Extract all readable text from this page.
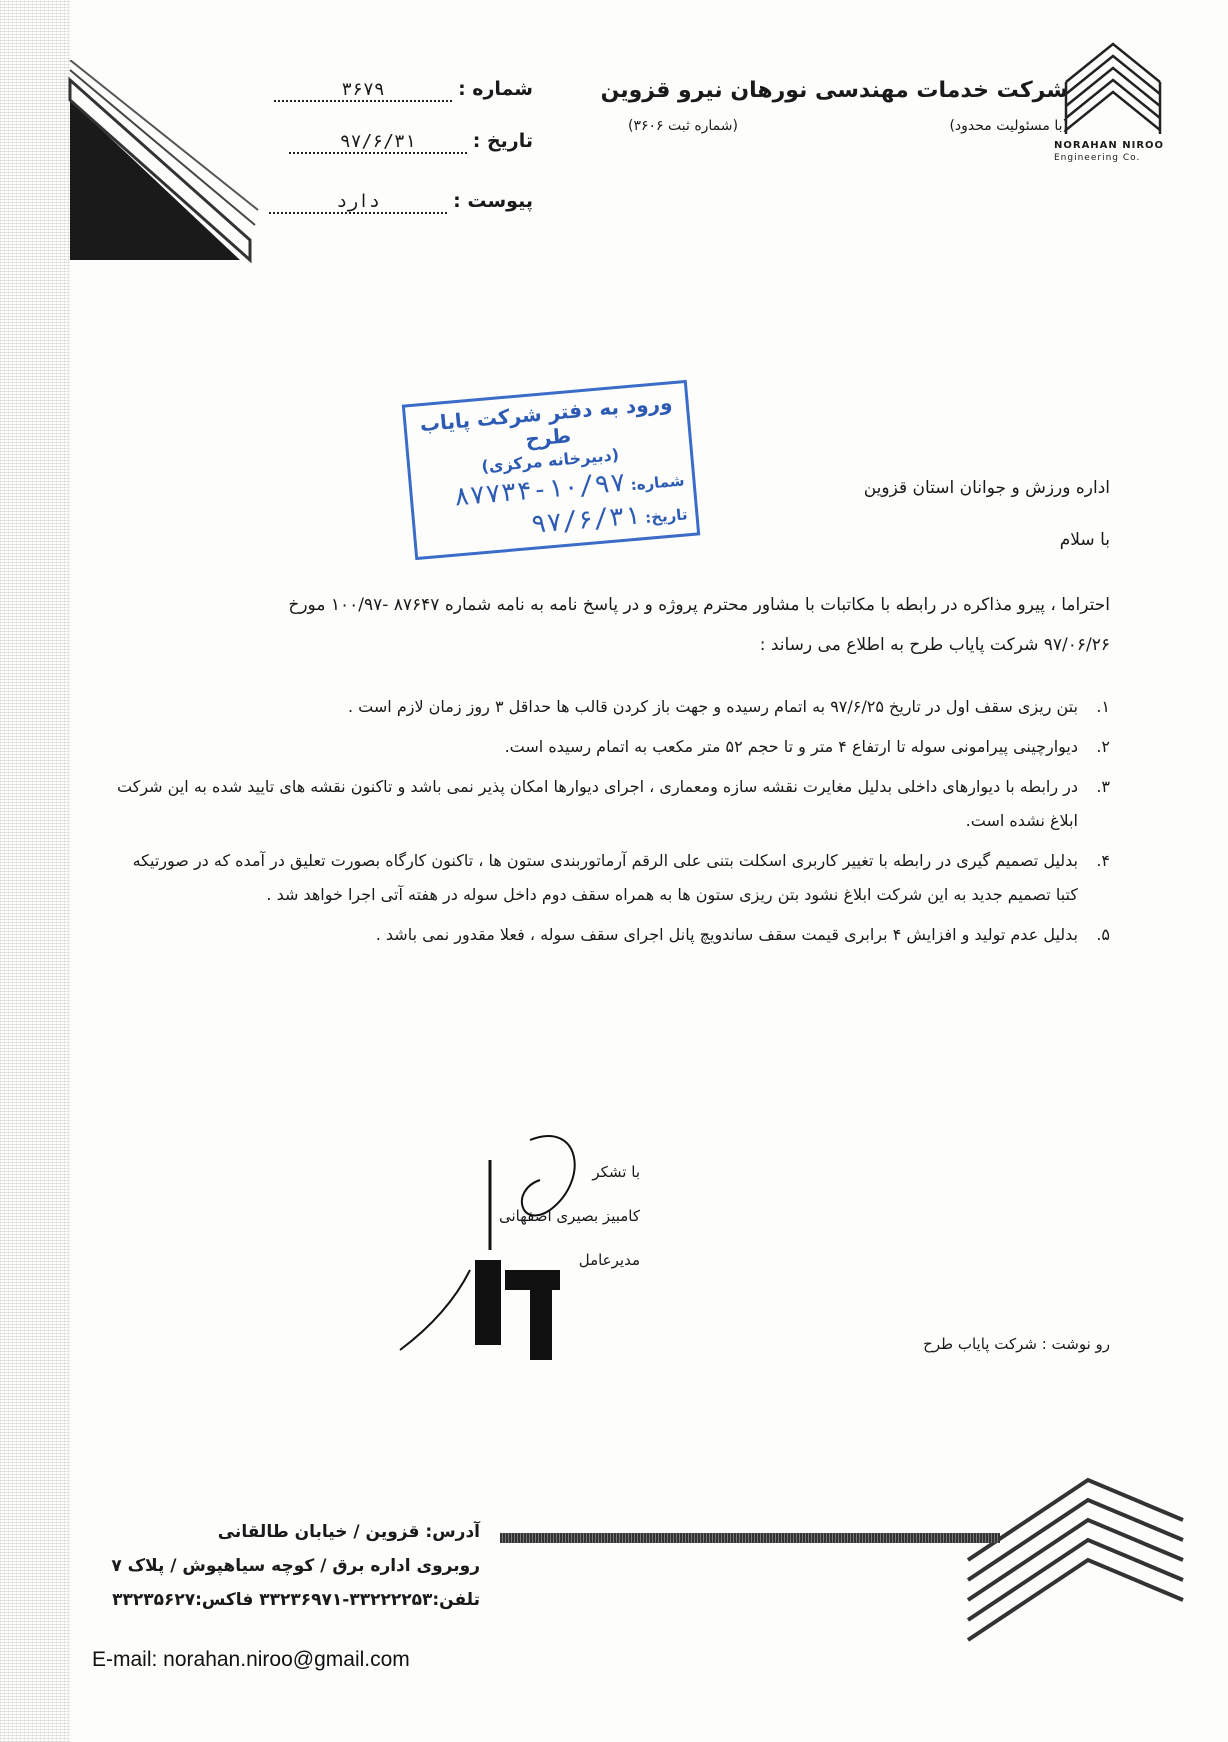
شرکت خدمات مهندسی نورهان نیرو قزوین
(با مسئولیت محدود)
(شماره ثبت ۳۶۰۶)
NORAHAN NIROO
Engineering Co.
شماره :
۳۶۷۹
تاریخ :
۹۷/۶/۳۱
پیوست :
دارد
ورود به دفتر شرکت پایاب طرح
(دبیرخانه مرکزی)
شماره: ۱۰/۹۷-۸۷۷۳۴
تاریخ: ۹۷/۶/۳۱
اداره ورزش و جوانان استان قزوین
با سلام
احتراما ، پیرو مذاکره در رابطه با مکاتبات با مشاور محترم پروژه و در پاسخ نامه به نامه شماره ۸۷۶۴۷ -۱۰۰/۹۷ مورخ
۹۷/۰۶/۲۶ شرکت پایاب طرح به اطلاع می رساند :
۱.
بتن ریزی سقف اول در تاریخ ۹۷/۶/۲۵ به اتمام رسیده و جهت باز کردن قالب ها حداقل ۳ روز زمان لازم است .
۲.
دیوارچینی پیرامونی سوله تا ارتفاع ۴ متر و تا حجم ۵۲ متر مکعب به اتمام رسیده است.
۳.
در رابطه با دیوارهای داخلی بدلیل مغایرت نقشه سازه ومعماری ، اجرای دیوارها امکان پذیر نمی باشد و تاکنون نقشه های تایید شده به این شرکت ابلاغ نشده است.
۴.
بدلیل تصمیم گیری در رابطه با تغییر کاربری اسکلت بتنی علی الرقم آرماتوربندی ستون ها ، تاکنون کارگاه بصورت تعلیق در آمده که در صورتیکه کتبا تصمیم جدید به این شرکت ابلاغ نشود بتن ریزی ستون ها به همراه سقف دوم داخل سوله در هفته آتی اجرا خواهد شد .
۵.
بدلیل عدم تولید و افزایش ۴ برابری قیمت سقف ساندویچ پانل اجرای سقف سوله ، فعلا مقدور نمی باشد .
با تشکر
کامبیز بصیری اصفهانی
مدیرعامل
رو نوشت : شرکت پایاب طرح
آدرس: قزوین / خیابان طالقانی
روبروی اداره برق / کوچه سیاهپوش / پلاک ۷
تلفن:۳۳۲۲۲۲۵۳-۳۳۲۳۶۹۷۱ فاکس:۳۳۲۳۵۶۲۷
E-mail: norahan.niroo@gmail.com
